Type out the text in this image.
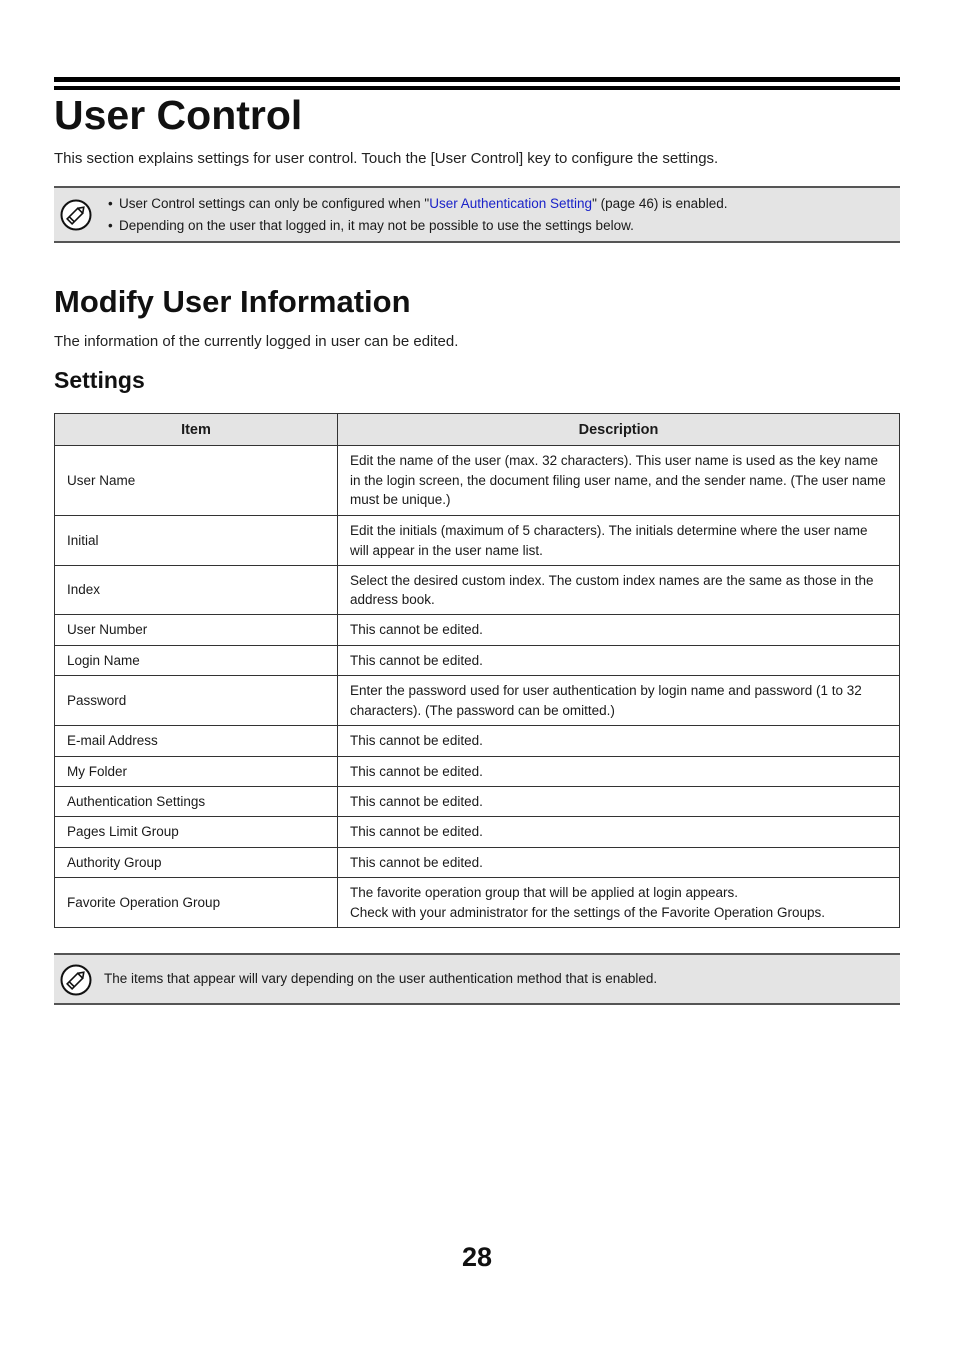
User Control
This section explains settings for user control. Touch the [User Control] key to configure the settings.
• User Control settings can only be configured when "User Authentication Setting" (page 46) is enabled.
• Depending on the user that logged in, it may not be possible to use the settings below.
Modify User Information
The information of the currently logged in user can be edited.
Settings
Item	Description
User Name	Edit the name of the user (max. 32 characters). This user name is used as the key name in the login screen, the document filing user name, and the sender name. (The user name must be unique.)
Initial	Edit the initials (maximum of 5 characters). The initials determine where the user name will appear in the user name list.
Index	Select the desired custom index. The custom index names are the same as those in the address book.
User Number	This cannot be edited.
Login Name	This cannot be edited.
Password	Enter the password used for user authentication by login name and password (1 to 32 characters). (The password can be omitted.)
E-mail Address	This cannot be edited.
My Folder	This cannot be edited.
Authentication Settings	This cannot be edited.
Pages Limit Group	This cannot be edited.
Authority Group	This cannot be edited.
Favorite Operation Group	The favorite operation group that will be applied at login appears.
Check with your administrator for the settings of the Favorite Operation Groups.
The items that appear will vary depending on the user authentication method that is enabled.
28
